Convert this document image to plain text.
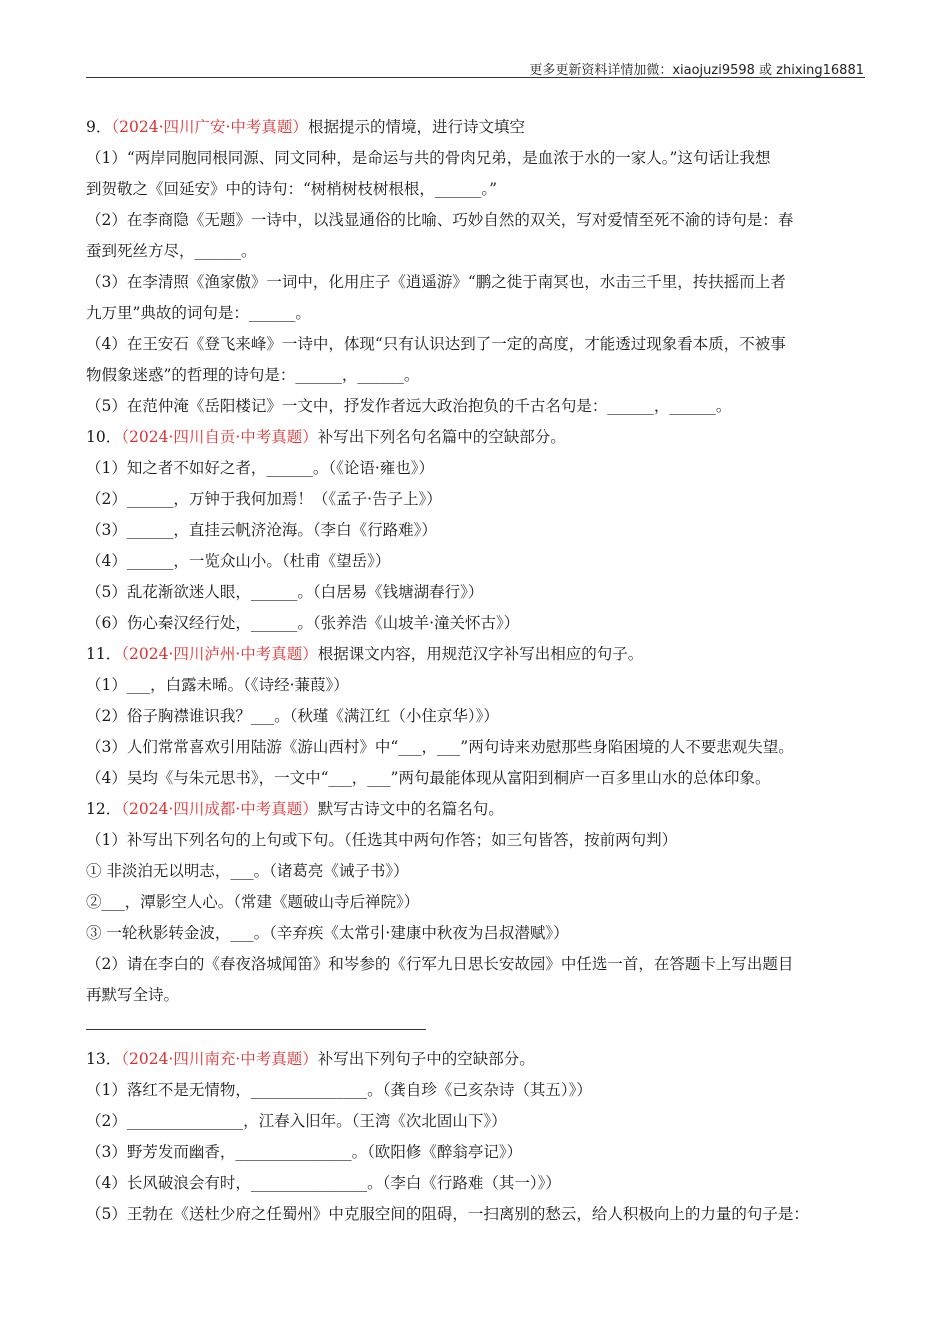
更多更新资料详情加微：xiaojuzi9598 或 zhixing16881
9．（2024·四川广安·中考真题）根据提示的情境，进行诗文填空
（1）“两岸同胞同根同源、同文同种，是命运与共的骨肉兄弟，是血浓于水的一家人。”这句话让我想
到贺敬之《回延安》中的诗句：“树梢树枝树根根，______。”
（2）在李商隐《无题》一诗中，以浅显通俗的比喻、巧妙自然的双关，写对爱情至死不渝的诗句是：春
蚕到死丝方尽，______。
（3）在李清照《渔家傲》一词中，化用庄子《逍遥游》“鹏之徙于南冥也，水击三千里，抟扶摇而上者
九万里”典故的词句是：______。
（4）在王安石《登飞来峰》一诗中，体现“只有认识达到了一定的高度，才能透过现象看本质，不被事
物假象迷惑”的哲理的诗句是：______，______。
（5）在范仲淹《岳阳楼记》一文中，抒发作者远大政治抱负的千古名句是：______，______。
10．（2024·四川自贡·中考真题）补写出下列名句名篇中的空缺部分。
（1）知之者不如好之者，______。（《论语·雍也》）
（2）______，万钟于我何加焉！（《孟子·告子上》）
（3）______，直挂云帆济沧海。（李白《行路难》）
（4）______，一览众山小。（杜甫《望岳》）
（5）乱花渐欲迷人眼，______。（白居易《钱塘湖春行》）
（6）伤心秦汉经行处，______。（张养浩《山坡羊·潼关怀古》）
11．（2024·四川泸州·中考真题）根据课文内容，用规范汉字补写出相应的句子。
（1）___，白露未晞。（《诗经·蒹葭》）
（2）俗子胸襟谁识我？___。（秋瑾《满江红（小住京华）》）
（3）人们常常喜欢引用陆游《游山西村》中“___，___”两句诗来劝慰那些身陷困境的人不要悲观失望。
（4）吴均《与朱元思书》，一文中“___，___”两句最能体现从富阳到桐庐一百多里山水的总体印象。
12．（2024·四川成都·中考真题）默写古诗文中的名篇名句。
（1）补写出下列名句的上句或下句。（任选其中两句作答；如三句皆答，按前两句判）
① 非淡泊无以明志，___。（诸葛亮《诫子书》）
②___，潭影空人心。（常建《题破山寺后禅院》）
③ 一轮秋影转金波，___。（辛弃疾《太常引·建康中秋夜为吕叔潜赋》）
（2）请在李白的《春夜洛城闻笛》和岑参的《行军九日思长安故园》中任选一首，在答题卡上写出题目
再默写全诗。
13．（2024·四川南充·中考真题）补写出下列句子中的空缺部分。
（1）落红不是无情物，_______________。（龚自珍《己亥杂诗（其五）》）
（2）_______________，江春入旧年。（王湾《次北固山下》）
（3）野芳发而幽香，_______________。（欧阳修《醉翁亭记》）
（4）长风破浪会有时，_______________。（李白《行路难（其一）》）
（5）王勃在《送杜少府之任蜀州》中克服空间的阻碍，一扫离别的愁云，给人积极向上的力量的句子是：
